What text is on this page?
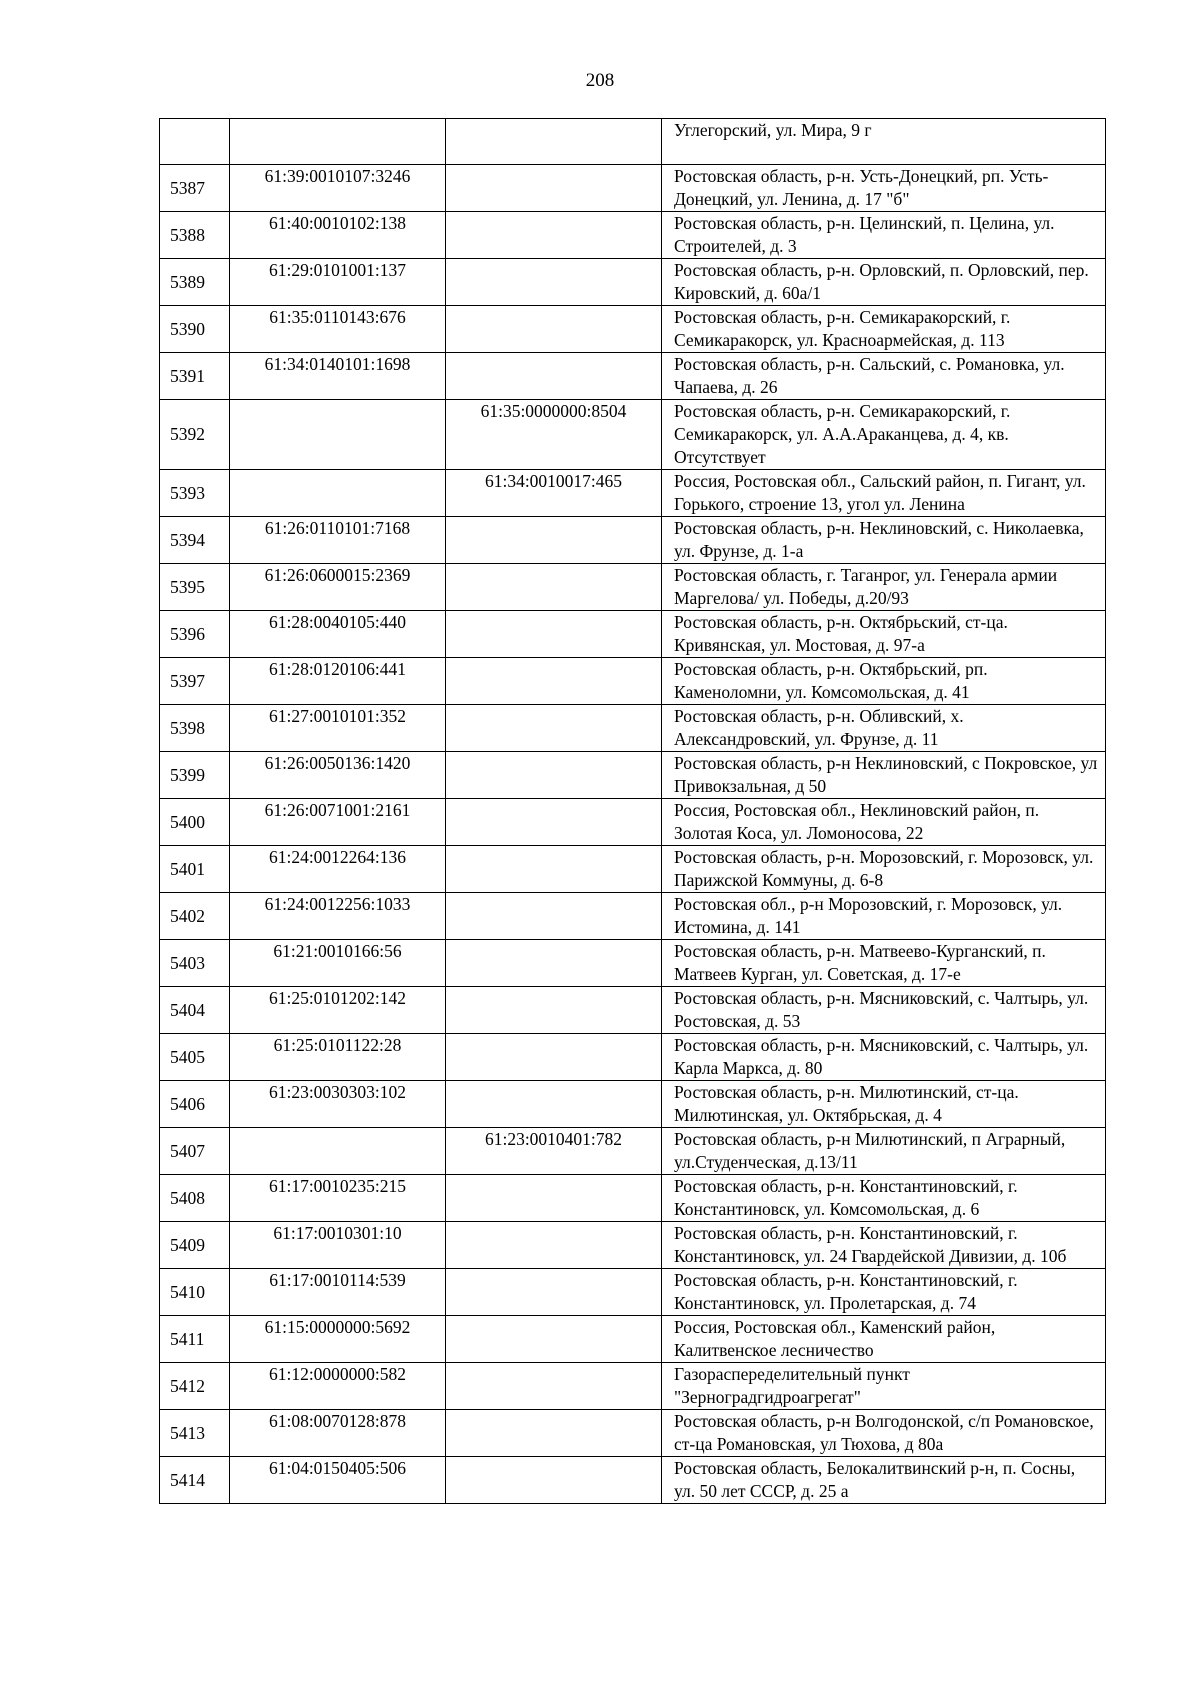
208
			Углегорский, ул. Мира, 9 г
5387	61:39:0010107:3246		Ростовская область, р-н. Усть-Донецкий, рп. Усть-Донецкий, ул. Ленина, д. 17 "б"
5388	61:40:0010102:138		Ростовская область, р-н. Целинский, п. Целина, ул. Строителей, д. 3
5389	61:29:0101001:137		Ростовская область, р-н. Орловский, п. Орловский, пер. Кировский, д. 60а/1
5390	61:35:0110143:676		Ростовская область, р-н. Семикаракорский, г. Семикаракорск, ул. Красноармейская, д. 113
5391	61:34:0140101:1698		Ростовская область, р-н. Сальский, с. Романовка, ул. Чапаева, д. 26
5392		61:35:0000000:8504	Ростовская область, р-н. Семикаракорский, г. Семикаракорск, ул. А.А.Араканцева, д. 4, кв. Отсутствует
5393		61:34:0010017:465	Россия, Ростовская обл., Сальский район, п. Гигант, ул. Горького, строение 13, угол ул. Ленина
5394	61:26:0110101:7168		Ростовская область, р-н. Неклиновский, с. Николаевка, ул. Фрунзе, д. 1-а
5395	61:26:0600015:2369		Ростовская область, г. Таганрог, ул. Генерала армии Маргелова/ ул. Победы, д.20/93
5396	61:28:0040105:440		Ростовская область, р-н. Октябрьский, ст-ца. Кривянская, ул. Мостовая, д. 97-а
5397	61:28:0120106:441		Ростовская область, р-н. Октябрьский, рп. Каменоломни, ул. Комсомольская, д. 41
5398	61:27:0010101:352		Ростовская область, р-н. Обливский, х. Александровский, ул. Фрунзе, д. 11
5399	61:26:0050136:1420		Ростовская область, р-н Неклиновский, с Покровское, ул Привокзальная, д 50
5400	61:26:0071001:2161		Россия, Ростовская обл., Неклиновский район, п. Золотая Коса, ул. Ломоносова, 22
5401	61:24:0012264:136		Ростовская область, р-н. Морозовский, г. Морозовск, ул. Парижской Коммуны, д. 6-8
5402	61:24:0012256:1033		Ростовская обл., р-н Морозовский, г. Морозовск, ул. Истомина, д. 141
5403	61:21:0010166:56		Ростовская область, р-н. Матвеево-Курганский, п. Матвеев Курган, ул. Советская, д. 17-е
5404	61:25:0101202:142		Ростовская область, р-н. Мясниковский, с. Чалтырь, ул. Ростовская, д. 53
5405	61:25:0101122:28		Ростовская область, р-н. Мясниковский, с. Чалтырь, ул. Карла Маркса, д. 80
5406	61:23:0030303:102		Ростовская область, р-н. Милютинский, ст-ца. Милютинская, ул. Октябрьская, д. 4
5407		61:23:0010401:782	Ростовская область, р-н Милютинский, п Аграрный, ул.Студенческая, д.13/11
5408	61:17:0010235:215		Ростовская область, р-н. Константиновский, г. Константиновск, ул. Комсомольская, д. 6
5409	61:17:0010301:10		Ростовская область, р-н. Константиновский, г. Константиновск, ул. 24 Гвардейской Дивизии, д. 10б
5410	61:17:0010114:539		Ростовская область, р-н. Константиновский, г. Константиновск, ул. Пролетарская, д. 74
5411	61:15:0000000:5692		Россия, Ростовская обл., Каменский район, Калитвенское лесничество
5412	61:12:0000000:582		Газораспеределительный пункт "Зерноградгидроагрегат"
5413	61:08:0070128:878		Ростовская область, р-н Волгодонской, с/п Романовское, ст-ца Романовская, ул Тюхова, д 80а
5414	61:04:0150405:506		Ростовская область, Белокалитвинский р-н, п. Сосны, ул. 50 лет СССР, д. 25 а
